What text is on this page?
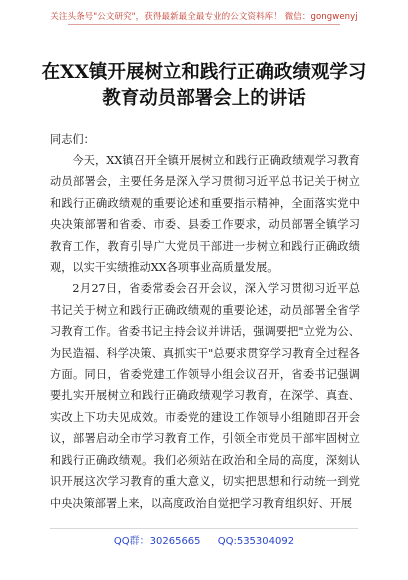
关注头条号"公文研究"，获得最新最全最专业的公文资料库！ 微信：gongwenyj
在XX镇开展树立和践行正确政绩观学习
教育动员部署会上的讲话
同志们：

今天，XX镇召开全镇开展树立和践行正确政绩观学习教育动员部署会，主要任务是深入学习贯彻习近平总书记关于树立和践行正确政绩观的重要论述和重要指示精神，全面落实党中央决策部署和省委、市委、县委工作要求，动员部署全镇学习教育工作，教育引导广大党员干部进一步树立和践行正确政绩观，以实干实绩推动XX各项事业高质量发展。

2月27日，省委常委会召开会议，深入学习贯彻习近平总书记关于树立和践行正确政绩观的重要论述，动员部署全省学习教育工作。省委书记主持会议并讲话，强调要把"立党为公、为民造福、科学决策、真抓实干"总要求贯穿学习教育全过程各方面。同日，省委党建工作领导小组会议召开，省委书记强调要扎实开展树立和践行正确政绩观学习教育，在深学、真查、实改上下功夫见成效。市委党的建设工作领导小组随即召开会议，部署启动全市学习教育工作，引领全市党员干部牢固树立和践行正确政绩观。我们必须站在政治和全局的高度，深刻认识开展这次学习教育的重大意义，切实把思想和行动统一到党中央决策部署上来，以高度政治自觉把学习教育组织好、开展

QQ群：30265665 QQ:535304092
